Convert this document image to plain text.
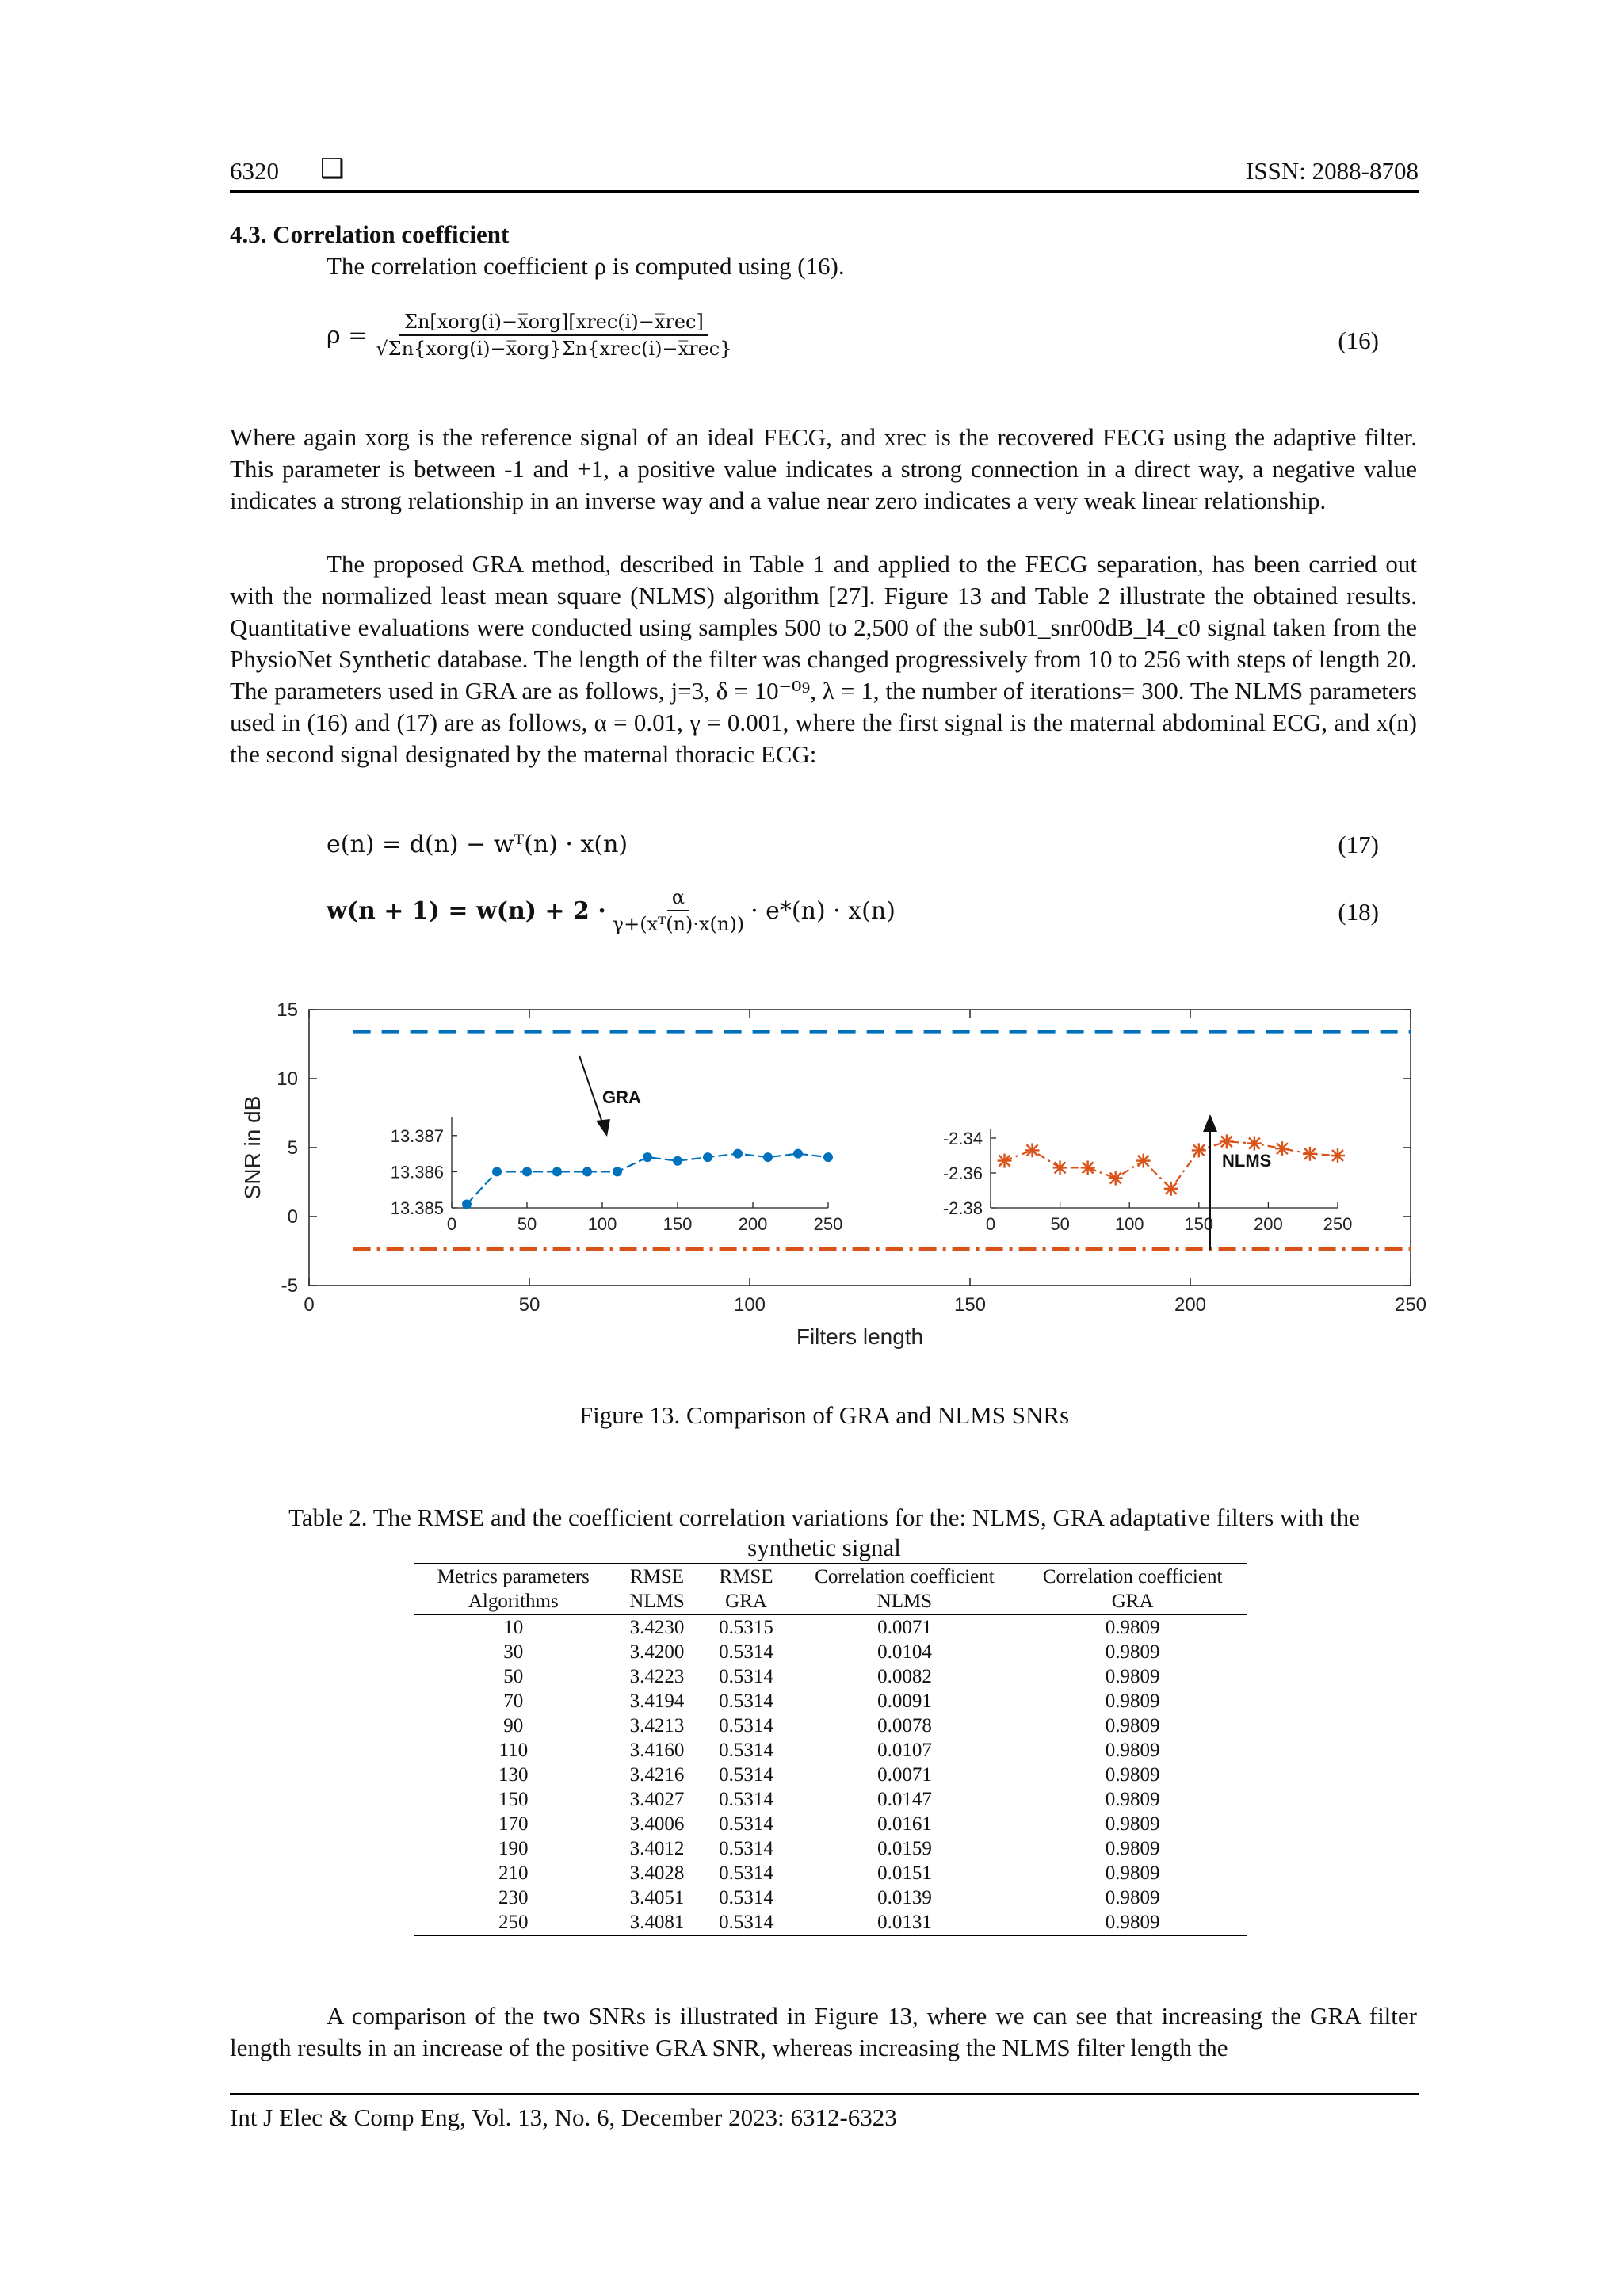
6320 ❑	ISSN: 2088-8708
4.3. Correlation coefficient
The correlation coefficient ρ is computed using (16).
$\rho = \frac{\text{Σn[xorg(i)−x̅org][xrec(i)−x̅rec]}}{\text{√Σn\{xorg(i)−x̅org\}Σn\{xrec(i)−x̅rec\}}}$	(16)
Where again xorg is the reference signal of an ideal FECG, and xrec is the recovered FECG using the adaptive filter. This parameter is between -1 and +1, a positive value indicates a strong connection in a direct way, a negative value indicates a strong relationship in an inverse way and a value near zero indicates a very weak linear relationship.
The proposed GRA method, described in Table 1 and applied to the FECG separation, has been carried out with the normalized least mean square (NLMS) algorithm [27]. Figure 13 and Table 2 illustrate the obtained results. Quantitative evaluations were conducted using samples 500 to 2,500 of the sub01_snr00dB_l4_c0 signal taken from the PhysioNet Synthetic database. The length of the filter was changed progressively from 10 to 256 with steps of length 20. The parameters used in GRA are as follows, j=3, δ = 10⁻⁰⁹, λ = 1, the number of iterations= 300. The NLMS parameters used in (16) and (17) are as follows, α = 0.01, γ = 0.001, where the first signal is the maternal abdominal ECG, and x(n) the second signal designated by the maternal thoracic ECG:
e(n) = d(n) − wᵀ(n) · x(n)	(17)
$w(n + 1) = w(n) + 2 \cdot \frac{\alpha}{\text{γ+(xᵀ(n)·x(n))}} \cdot e*(n) \cdot x(n)$	(18)
0	50	100	150	200	250
-5
0
5
10
15
Filters length
SNR in dB
0	50	100	150	200	250
13.385
13.386
13.387
0	50	100 150 200 250
-2.38
-2.36
-2.34
GRA
NLMS
Figure 13. Comparison of GRA and NLMS SNRs
Table 2. The RMSE and the coefficient correlation variations for the: NLMS, GRA adaptative filters with the
synthetic signal
Metrics parameters	RMSE	RMSE	Correlation coefficient	Correlation coefficient
Algorithms	NLMS	GRA	NLMS	GRA
10	3.4230	0.5315	0.0071	0.9809
30	3.4200	0.5314	0.0104	0.9809
50	3.4223	0.5314	0.0082	0.9809
70	3.4194	0.5314	0.0091	0.9809
90	3.4213	0.5314	0.0078	0.9809
110	3.4160	0.5314	0.0107	0.9809
130	3.4216	0.5314	0.0071	0.9809
150	3.4027	0.5314	0.0147	0.9809
170	3.4006	0.5314	0.0161	0.9809
190	3.4012	0.5314	0.0159	0.9809
210	3.4028	0.5314	0.0151	0.9809
230	3.4051	0.5314	0.0139	0.9809
250	3.4081	0.5314	0.0131	0.9809
A comparison of the two SNRs is illustrated in Figure 13, where we can see that increasing the GRA filter length results in an increase of the positive GRA SNR, whereas increasing the NLMS filter length the
Int J Elec & Comp Eng, Vol. 13, No. 6, December 2023: 6312-6323
